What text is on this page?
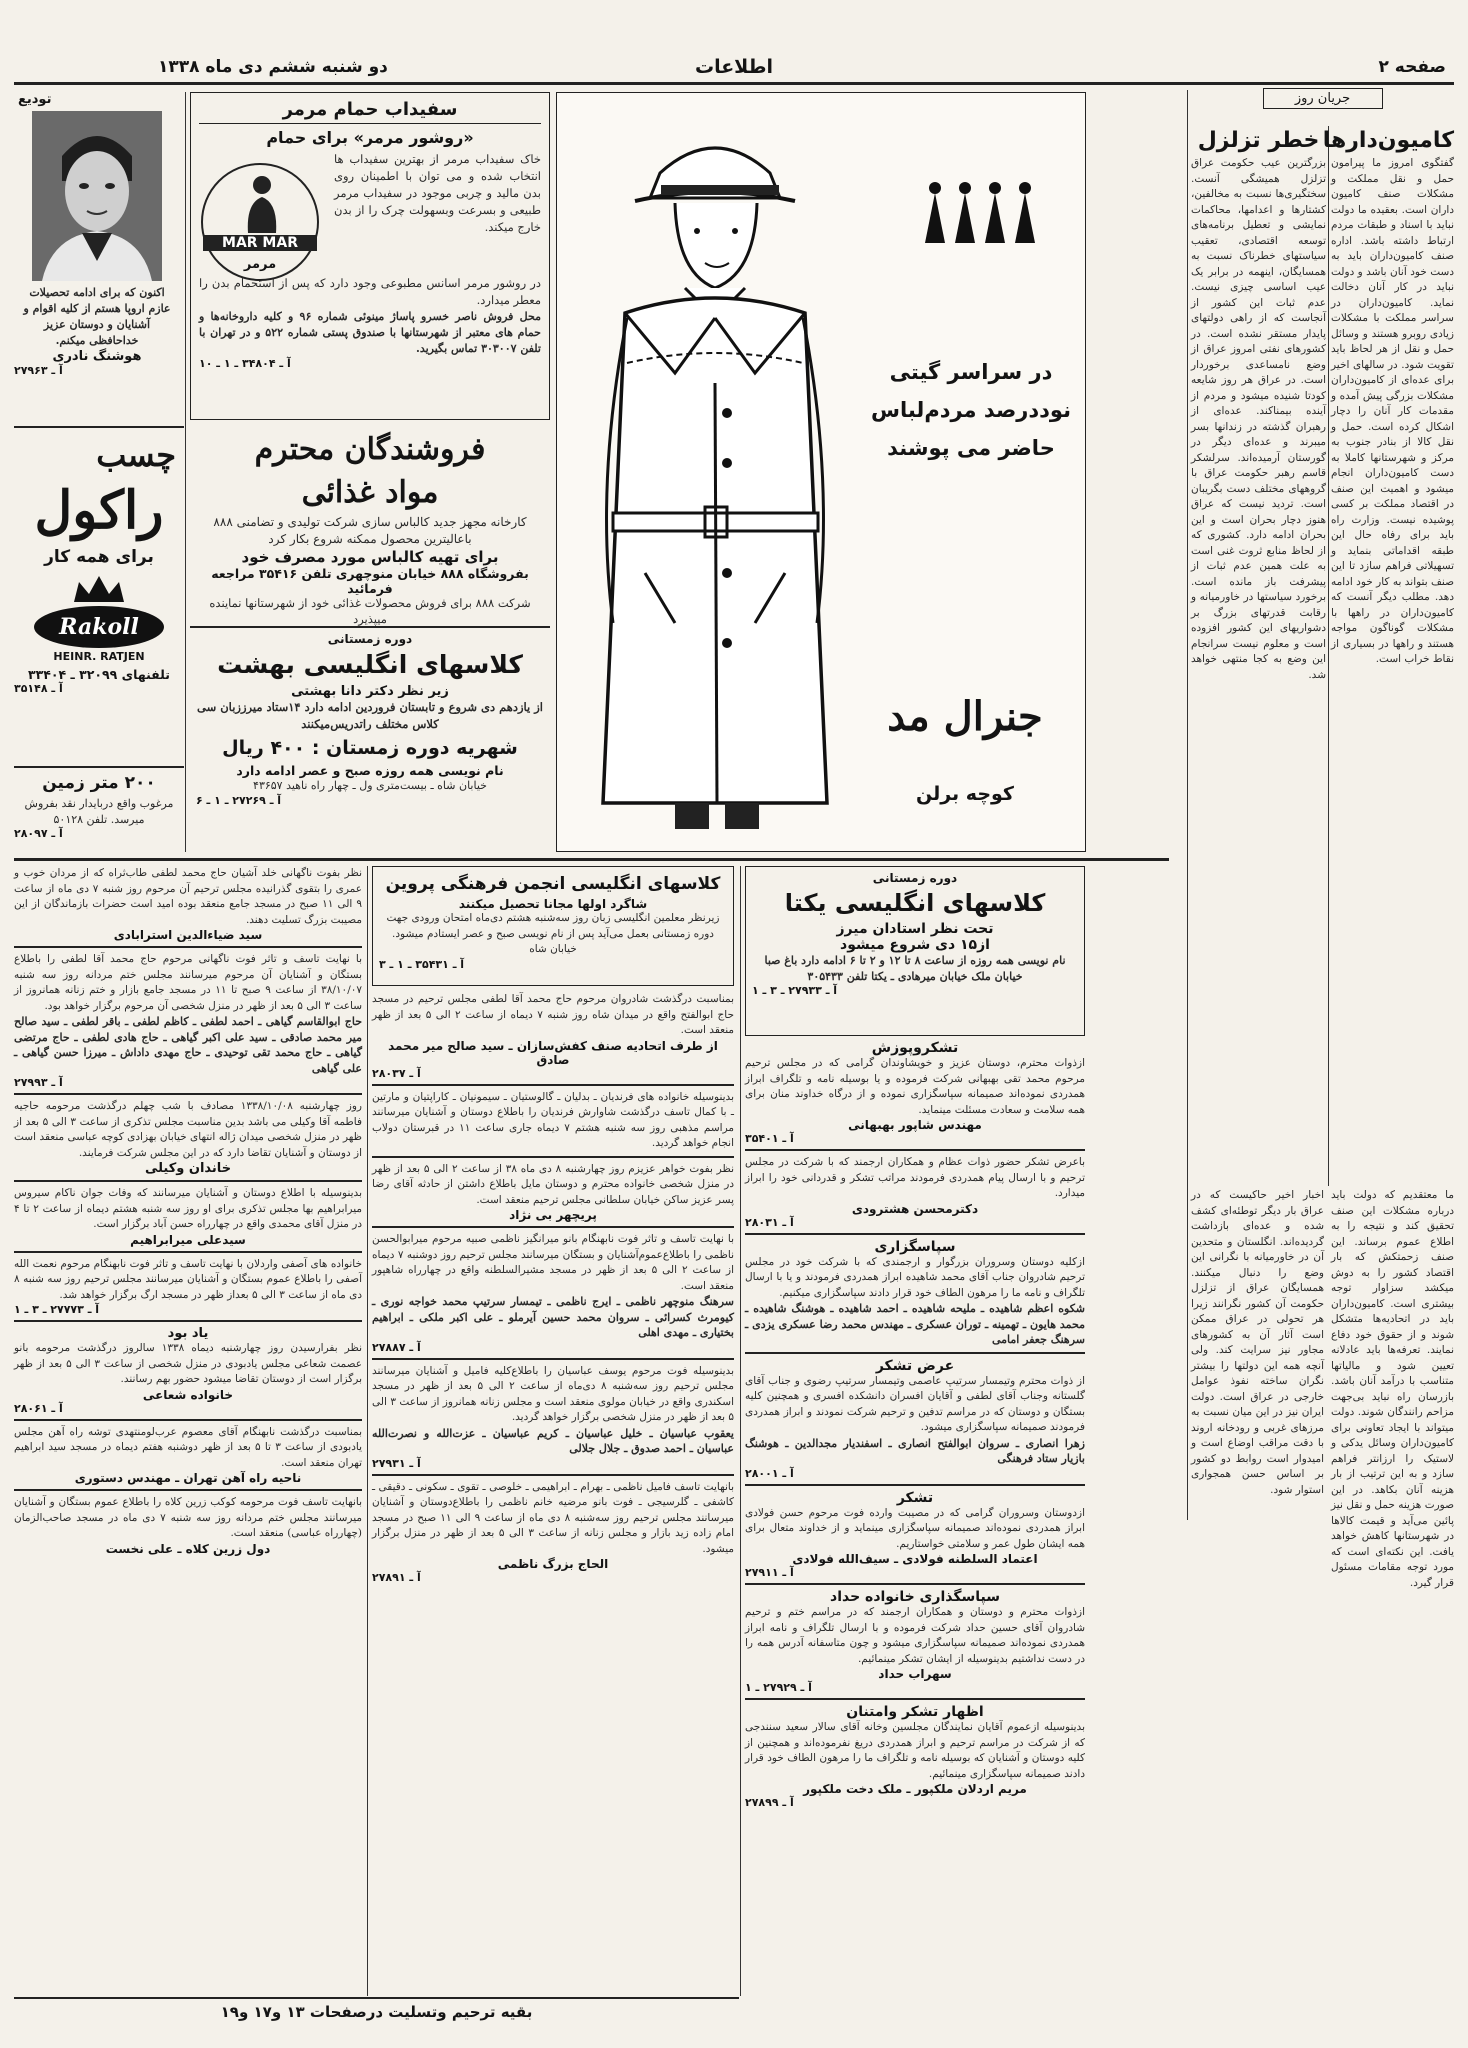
صفحه ۲
اطلاعات
دو شنبه ششم دی ماه ۱۳۳۸
جریان روز
کامیون‌دارها
گفتگوی امروز ما پیرامون حمل و نقل مملکت و مشکلات صنف کامیون داران است. بعقیده ما دولت نباید با اسناد و طبقات مردم ارتباط داشته باشد. اداره صنف کامیون‌داران باید به دست خود آنان باشد و دولت نباید در کار آنان دخالت نماید. کامیون‌داران در سراسر مملکت با مشکلات زیادی روبرو هستند و وسائل حمل و نقل از هر لحاظ باید تقویت شود. در سالهای اخیر برای عده‌ای از کامیون‌داران مشکلات بزرگی پیش آمده و مقدمات کار آنان را دچار اشکال کرده است. حمل و نقل کالا از بنادر جنوب به مرکز و شهرستانها کاملا به دست کامیون‌داران انجام میشود و اهمیت این صنف در اقتصاد مملکت بر کسی پوشیده نیست. وزارت راه باید برای رفاه حال این طبقه اقداماتی بنماید و تسهیلاتی فراهم سازد تا این صنف بتواند به کار خود ادامه دهد. مطلب دیگر آنست که کامیون‌داران در راهها با مشکلات گوناگون مواجه هستند و راهها در بسیاری از نقاط خراب است.
خطر تزلزل
بزرگترین عیب حکومت عراق تزلزل همیشگی آنست. سختگیری‌ها نسبت به مخالفین، کشتارها و اعدامها، محاکمات نمایشی و تعطیل برنامه‌های توسعه اقتصادی، تعقیب سیاستهای خطرناک نسبت به همسایگان، اینهمه در برابر یک عیب اساسی چیزی نیست. عدم ثبات این کشور از آنجاست که از راهی دولتهای پایدار مستقر نشده است. در کشورهای نفتی امروز عراق از وضع نامساعدی برخوردار است. در عراق هر روز شایعه کودتا شنیده میشود و مردم از آینده بیمناکند. عده‌ای از رهبران گذشته در زندانها بسر میبرند و عده‌ای دیگر در گورستان آرمیده‌اند. سرلشکر قاسم رهبر حکومت عراق با گروههای مختلف دست بگریبان است. تردید نیست که عراق هنوز دچار بحران است و این بحران ادامه دارد. کشوری که از لحاظ منابع ثروت غنی است به علت همین عدم ثبات از پیشرفت باز مانده است. برخورد سیاستها در خاورمیانه و رقابت قدرتهای بزرگ بر دشواریهای این کشور افزوده است و معلوم نیست سرانجام این وضع به کجا منتهی خواهد شد.
ما معتقدیم که دولت باید درباره مشکلات این صنف تحقیق کند و نتیجه را به اطلاع عموم برساند. این صنف زحمتکش که بار اقتصاد کشور را به دوش میکشد سزاوار توجه بیشتری است. کامیون‌داران باید در اتحادیه‌ها متشکل شوند و از حقوق خود دفاع نمایند. تعرفه‌ها باید عادلانه تعیین شود و مالیاتها متناسب با درآمد آنان باشد. بازرسان راه نباید بی‌جهت مزاحم رانندگان شوند. دولت میتواند با ایجاد تعاونی برای کامیون‌داران وسائل یدکی و لاستیک را ارزانتر فراهم سازد و به این ترتیب از بار هزینه آنان بکاهد. در این صورت هزینه حمل و نقل نیز پائین می‌آید و قیمت کالاها در شهرستانها کاهش خواهد یافت. این نکته‌ای است که مورد توجه مقامات مسئول قرار گیرد.
اخبار اخیر حاکیست که در عراق بار دیگر توطئه‌ای کشف شده و عده‌ای بازداشت گردیده‌اند. انگلستان و متحدین آن در خاورمیانه با نگرانی این وضع را دنبال میکنند. همسایگان عراق از تزلزل حکومت آن کشور نگرانند زیرا هر تحولی در عراق ممکن است آثار آن به کشورهای مجاور نیز سرایت کند. ولی آنچه همه این دولتها را بیشتر نگران ساخته نفوذ عوامل خارجی در عراق است. دولت ایران نیز در این میان نسبت به مرزهای غربی و رودخانه اروند با دقت مراقب اوضاع است و امیدوار است روابط دو کشور بر اساس حسن همجواری استوار شود.
در سراسر گیتی
نوددرصد مردم‌لباس
حاضر می پوشند
جنرال مد
کوچه برلن
سفیداب حمام مرمر
«روشور مرمر» برای حمام
MAR MAR
مرمر
خاک سفیداب مرمر از بهترین سفیداب ها انتخاب شده و می توان با اطمینان روی بدن مالید و چربی موجود در سفیداب مرمر طبیعی و بسرعت وبسهولت چرک را از بدن خارج میکند.
در روشور مرمر اسانس مطبوعی وجود دارد که پس از استحمام بدن را معطر میدارد.
محل فروش ناصر خسرو پاساژ مینوئی شماره ۹۶ و کلیه داروخانه‌ها و حمام های معتبر از شهرستانها با صندوق پستی شماره ۵۲۲ و در تهران با تلفن ۳۰۳۰۰۷ تماس بگیرید.
آ ـ ۳۴۸۰۴ ـ ۱ ـ ۱۰
فروشندگان محترم
مواد غذائی
کارخانه مجهز جدید کالباس سازی شرکت تولیدی و تضامنی ۸۸۸ باعالیترین محصول ممکنه شروع بکار کرد
برای تهیه کالباس مورد مصرف خود
بفروشگاه ۸۸۸ خیابان منوچهری تلفن ۳۵۴۱۶ مراجعه فرمائید
شرکت ۸۸۸ برای فروش محصولات غذائی خود از شهرستانها نماینده میپذیرد
دوره زمستانی
کلاسهای انگلیسی بهشت
زیر نظر دکتر دانا بهشتی
از یازدهم دی شروع و تابستان فروردین ادامه دارد ۱۴ستاد میرززبان سی کلاس مختلف راتدریس‌میکنند
شهریه دوره زمستان : ۴۰۰ ریال
نام نویسی همه روزه صبح و عصر ادامه دارد
خیابان شاه ـ بیست‌متری ول ـ چهار راه ناهید ۴۳۶۵۷
آ ـ ۲۷۲۶۹ ـ ۱ ـ ۶
تودیع
اکنون که برای ادامه تحصیلات عازم اروپا هستم از کلیه اقوام و آشنایان و دوستان عزیز خداحافظی میکنم.
هوشنگ نادری
آ ـ ۲۷۹۶۳
چسب
راکول
برای همه کار
Rakoll
HEINR. RATJEN
تلفنهای ۳۲۰۹۹ ـ ۳۳۴۰۴
آ ـ ۳۵۱۴۸
۲۰۰ متر زمین
مرغوب واقع دربایدار نقد بفروش میرسد. تلفن ۵۰۱۲۸
آ ـ ۲۸۰۹۷
دوره زمستانی
کلاسهای انگلیسی یکتا
تحت نظر استادان میرز
از۱۵ دی شروع میشود
نام نویسی همه روزه از ساعت ۸ تا ۱۲ و ۲ تا ۶ ادامه دارد باغ صبا خیابان ملک خیابان میرهادی ـ یکتا تلفن ۳۰۵۴۳۳
آ ـ ۲۷۹۳۳ ـ ۳ ـ ۱
تشکروپوزش
ازذوات محترم، دوستان عزیز و خویشاوندان گرامی که در مجلس ترحیم مرحوم محمد تقی بهبهانی شرکت فرموده و یا بوسیله نامه و تلگراف ابراز همدردی نموده‌اند صمیمانه سپاسگزاری نموده و از درگاه خداوند منان برای همه سلامت و سعادت مسئلت مینماید.
مهندس شاپور بهبهانی
آ ـ ۳۵۴۰۱
باعرض تشکر حضور ذوات عظام و همکاران ارجمند که با شرکت در مجلس ترحیم و با ارسال پیام همدردی فرمودند مراتب تشکر و قدردانی خود را ابراز میدارد.
دکترمحسن هشترودی
آ ـ ۲۸۰۳۱
سپاسگزاری
ازکلیه دوستان وسروران بزرگوار و ارجمندی که با شرکت خود در مجلس ترحیم شادروان جناب آقای محمد شاهیده ابراز همدردی فرمودند و یا با ارسال تلگراف و نامه ما را مرهون الطاف خود قرار دادند سپاسگزاری میکنیم.
شکوه اعظم شاهیده ـ ملیحه شاهیده ـ احمد شاهیده ـ هوشنگ شاهیده ـ محمد هایون ـ تهمینه ـ توران عسکری ـ مهندس محمد رضا عسکری یزدی ـ سرهنگ جعفر امامی
عرض تشکر
از ذوات محترم وتیمسار سرتیپ عاصمی وتیمسار سرتیپ رضوی و جناب آقای گلستانه وجناب آقای لطفی و آقایان افسران دانشکده افسری و همچنین کلیه بستگان و دوستان که در مراسم تدفین و ترحیم شرکت نمودند و ابراز همدردی فرمودند صمیمانه سپاسگزاری میشود.
زهرا انصاری ـ سروان ابوالفتح انصاری ـ اسفندیار مجدالدین ـ هوشنگ بازیار ستاد فرهنگی
آ ـ ۲۸۰۰۱
تشکر
ازدوستان وسروران گرامی که در مصیبت وارده فوت مرحوم حسن فولادی ابراز همدردی نموده‌اند صمیمانه سپاسگزاری مینماید و از خداوند متعال برای همه ایشان طول عمر و سلامتی خواستاریم.
اعتماد السلطنه فولادی ـ سیف‌الله فولادی
آ ـ ۲۷۹۱۱
سپاسگذاری خانواده حداد
ازذوات محترم و دوستان و همکاران ارجمند که در مراسم ختم و ترحیم شادروان آقای حسین حداد شرکت فرموده و با ارسال تلگراف و نامه ابراز همدردی نموده‌اند صمیمانه سپاسگزاری میشود و چون متاسفانه آدرس همه را در دست نداشتیم بدینوسیله از ایشان تشکر مینمائیم.
سهراب حداد
آ ـ ۲۷۹۲۹ ـ ۱
اظهار تشکر وامتنان
بدینوسیله ازعموم آقایان نمایندگان مجلسین وخانه آقای سالار سعید سنندجی که از شرکت در مراسم ترحیم و ابراز همدردی دریغ نفرموده‌اند و همچنین از کلیه دوستان و آشنایان که بوسیله نامه و تلگراف ما را مرهون الطاف خود قرار دادند صمیمانه سپاسگزاری مینمائیم.
مریم اردلان ملکپور ـ ملک دخت ملکپور
آ ـ ۲۷۸۹۹
کلاسهای انگلیسی انجمن فرهنگی پروین
شاگرد اولها مجانا تحصیل میکنند
زیرنظر معلمین انگلیسی زبان روز سه‌شنبه هشتم دی‌ماه امتحان ورودی جهت دوره زمستانی بعمل می‌آید پس از نام نویسی صبح و عصر ایستادم میشود. خیابان شاه
آ ـ ۳۵۴۳۱ ـ ۱ ـ ۳
بمناسبت درگذشت شادروان مرحوم حاج محمد آقا لطفی مجلس ترحیم در مسجد حاج ابوالفتح واقع در میدان شاه روز شنبه ۷ دیماه از ساعت ۲ الی ۵ بعد از ظهر منعقد است.
از طرف اتحادیه صنف کفش‌سازان ـ سید صالح میر محمد صادق
آ ـ ۲۸۰۳۷
بدینوسیله خانواده های فرندیان ـ بدلیان ـ گالوستیان ـ سیمونیان ـ کاراپتیان و مارتین ـ با کمال تاسف درگذشت شاوارش فرندیان را باطلاع دوستان و آشنایان میرسانند مراسم مذهبی روز سه شنبه هشتم ۷ دیماه جاری ساعت ۱۱ در قبرستان دولاب انجام خواهد گردید.
نظر بفوت خواهر عزیزم روز چهارشنبه ۸ دی ماه ۳۸ از ساعت ۲ الی ۵ بعد از ظهر در منزل شخصی خانواده محترم و دوستان مایل باطلاع داشتن از حادثه آقای رضا پسر عزیز ساکن خیابان سلطانی مجلس ترحیم منعقد است.
پریچهر بی نژاد
با نهایت تاسف و تاثر فوت نابهنگام بانو میرانگیز ناظمی صبیه مرحوم میرابوالحسن ناظمی را باطلاع‌عموم‌آشنایان و بستگان میرسانند مجلس ترحیم روز دوشنبه ۷ دیماه از ساعت ۲ الی ۵ بعد از ظهر در مسجد مشیرالسلطنه واقع در چهارراه شاهپور منعقد است.
سرهنگ منوچهر ناظمی ـ ایرج ناظمی ـ تیمسار سرتیپ محمد خواجه نوری ـ کیومرث کسرائی ـ سروان محمد حسین آیرملو ـ علی اکبر ملکی ـ ابراهیم بختیاری ـ مهدی اهلی
آ ـ ۲۷۸۸۷
بدینوسیله فوت مرحوم یوسف عباسیان را باطلاع‌کلیه فامیل و آشنایان میرسانند مجلس ترحیم روز سه‌شنبه ۸ دی‌ماه از ساعت ۲ الی ۵ بعد از ظهر در مسجد اسکندری واقع در خیابان مولوی منعقد است و مجلس زنانه همانروز از ساعت ۳ الی ۵ بعد از ظهر در منزل شخصی برگزار خواهد گردید.
یعقوب عباسیان ـ خلیل عباسیان ـ کریم عباسیان ـ عزت‌الله و نصرت‌الله عباسیان ـ احمد صدوق ـ جلال جلالی
آ ـ ۲۷۹۳۱
بانهایت تاسف فامیل ناظمی ـ بهرام ـ ابراهیمی ـ خلوصی ـ تقوی ـ سکونی ـ دقیقی ـ کاشفی ـ گلرسیجی ـ فوت بانو مرضیه خانم ناظمی را باطلاع‌دوستان و آشنایان میرسانند مجلس ترحیم روز سه‌شنبه ۸ دی ماه از ساعت ۹ الی ۱۱ صبح در مسجد امام زاده زید بازار و مجلس زنانه از ساعت ۳ الی ۵ بعد از ظهر در منزل برگزار میشود.
الحاج بزرگ ناظمی
آ ـ ۲۷۸۹۱
نظر بفوت ناگهانی خلد آشیان حاج محمد لطفی طاب‌ثراه که از مردان خوب و عمری را بتقوی گذرانیده مجلس ترحیم آن مرحوم روز شنبه ۷ دی ماه از ساعت ۹ الی ۱۱ صبح در مسجد جامع منعقد بوده امید است حضرات بازماندگان از این مصیبت بزرگ تسلیت دهند.
سید ضیاءالدین استرابادی
با نهایت تاسف و تاثر فوت ناگهانی مرحوم حاج محمد آقا لطفی را باطلاع بستگان و آشنایان آن مرحوم میرسانند مجلس ختم مردانه روز سه شنبه ۳۸/۱۰/۰۷ از ساعت ۹ صبح تا ۱۱ در مسجد جامع بازار و ختم زنانه همانروز از ساعت ۳ الی ۵ بعد از ظهر در منزل شخصی آن مرحوم برگزار خواهد بود.
حاج ابوالقاسم گیاهی ـ احمد لطفی ـ کاظم لطفی ـ باقر لطفی ـ سید صالح میر محمد صادقی ـ سید علی اکبر گیاهی ـ حاج هادی لطفی ـ حاج مرتضی گیاهی ـ حاج محمد تقی توحیدی ـ حاج مهدی داداش ـ میرزا حسن گیاهی ـ علی گیاهی
آ ـ ۲۷۹۹۳
روز چهارشنبه ۱۳۳۸/۱۰/۰۸ مصادف با شب چهلم درگذشت مرحومه حاجیه فاطمه آقا وکیلی می باشد بدین مناسبت مجلس تذکری از ساعت ۳ الی ۵ بعد از ظهر در منزل شخصی میدان ژاله انتهای خیابان بهزادی کوچه عباسی منعقد است از دوستان و آشنایان تقاضا دارد که در این مجلس شرکت فرمایند.
خاندان وکیلی
بدینوسیله با اطلاع دوستان و آشنایان میرسانند که وفات جوان ناکام سیروس میرابراهیم بها مجلس تذکری برای او روز سه شنبه هشتم دیماه از ساعت ۲ تا ۴ در منزل آقای محمدی واقع در چهارراه حسن آباد برگزار است.
سیدعلی میرابراهیم
خانواده های آصفی واردلان با نهایت تاسف و تاثر فوت نابهنگام مرحوم نعمت الله آصفی را باطلاع عموم بستگان و آشنایان میرسانند مجلس ترحیم روز سه شنبه ۸ دی ماه از ساعت ۳ الی ۵ بعداز ظهر در مسجد ارگ برگزار خواهد شد.
آ ـ ۲۷۷۷۳ ـ ۳ ـ ۱
یاد بود
نظر بفرارسیدن روز چهارشنبه دیماه ۱۳۳۸ سالروز درگذشت مرحومه بانو عصمت شعاعی مجلس یادبودی در منزل شخصی از ساعت ۳ الی ۵ بعد از ظهر برگزار است از دوستان تقاضا میشود حضور بهم رسانند.
خانواده شعاعی
آ ـ ۲۸۰۶۱
بمناسبت درگذشت نابهنگام آقای معصوم عرب‌لومنتهدی توشه راه آهن مجلس یادبودی از ساعت ۳ تا ۵ بعد از ظهر دوشنبه هفتم دیماه در مسجد سید ابراهیم تهران منعقد است.
ناحیه راه آهن تهران ـ مهندس دستوری
بانهایت تاسف فوت مرحومه کوکب زرین کلاه را باطلاع عموم بستگان و آشنایان میرسانند مجلس ختم مردانه روز سه شنبه ۷ دی ماه در مسجد صاحب‌الزمان (چهارراه عباسی) منعقد است.
دول زرین کلاه ـ علی نخست
بقیه ترحیم وتسلیت درصفحات ۱۳ و۱۷ و۱۹
